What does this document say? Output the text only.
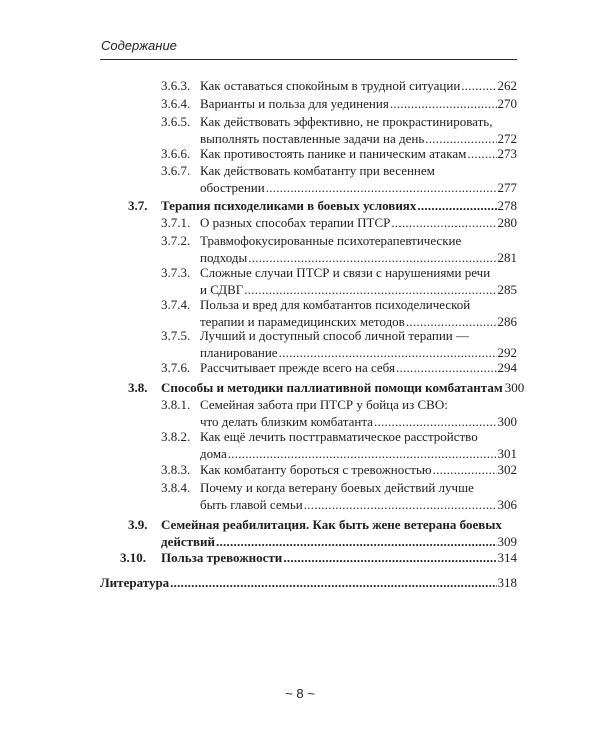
Содержание
3.6.3. Как оставаться спокойным в трудной ситуации . . .	262
3.6.4. Варианты и польза для уединения . . .	270
3.6.5. Как действовать эффективно, не прокрастинировать,
выполнять поставленные задачи на день . . .	272
3.6.6. Как противостоять панике и паническим атакам . . . 273
3.6.7. Как действовать комбатанту при весеннем
обострении . . .	277
3.7. Терапия психоделиками в боевых условиях . . .	278
3.7.1. О разных способах терапии ПТСР . . .	280
3.7.2. Травмофокусированные психотерапевтические
подходы . . .	281
3.7.3. Сложные случаи ПТСР и связи с нарушениями речи
и СДВГ . . .	285
3.7.4. Польза и вред для комбатантов психоделической
терапии и парамедицинских методов . . .	286
3.7.5. Лучший и доступный способ личной терапии —
планирование . . .	292
3.7.6. Рассчитывает прежде всего на себя . . .	294
3.8. Способы и методики паллиативной помощи комбатантам 300
3.8.1. Семейная забота при ПТСР у бойца из СВО:
что делать близким комбатанта . . .	300
3.8.2. Как ещё лечить посттравматическое расстройство
дома . . .	301
3.8.3. Как комбатанту бороться с тревожностью . . .	302
3.8.4. Почему и когда ветерану боевых действий лучше
быть главой семьи . . .	306
3.9. Семейная реабилитация. Как быть жене ветерана боевых
действий . . .	309
3.10. Польза тревожности . . .	314
Литература . . .	318
~ 8 ~
